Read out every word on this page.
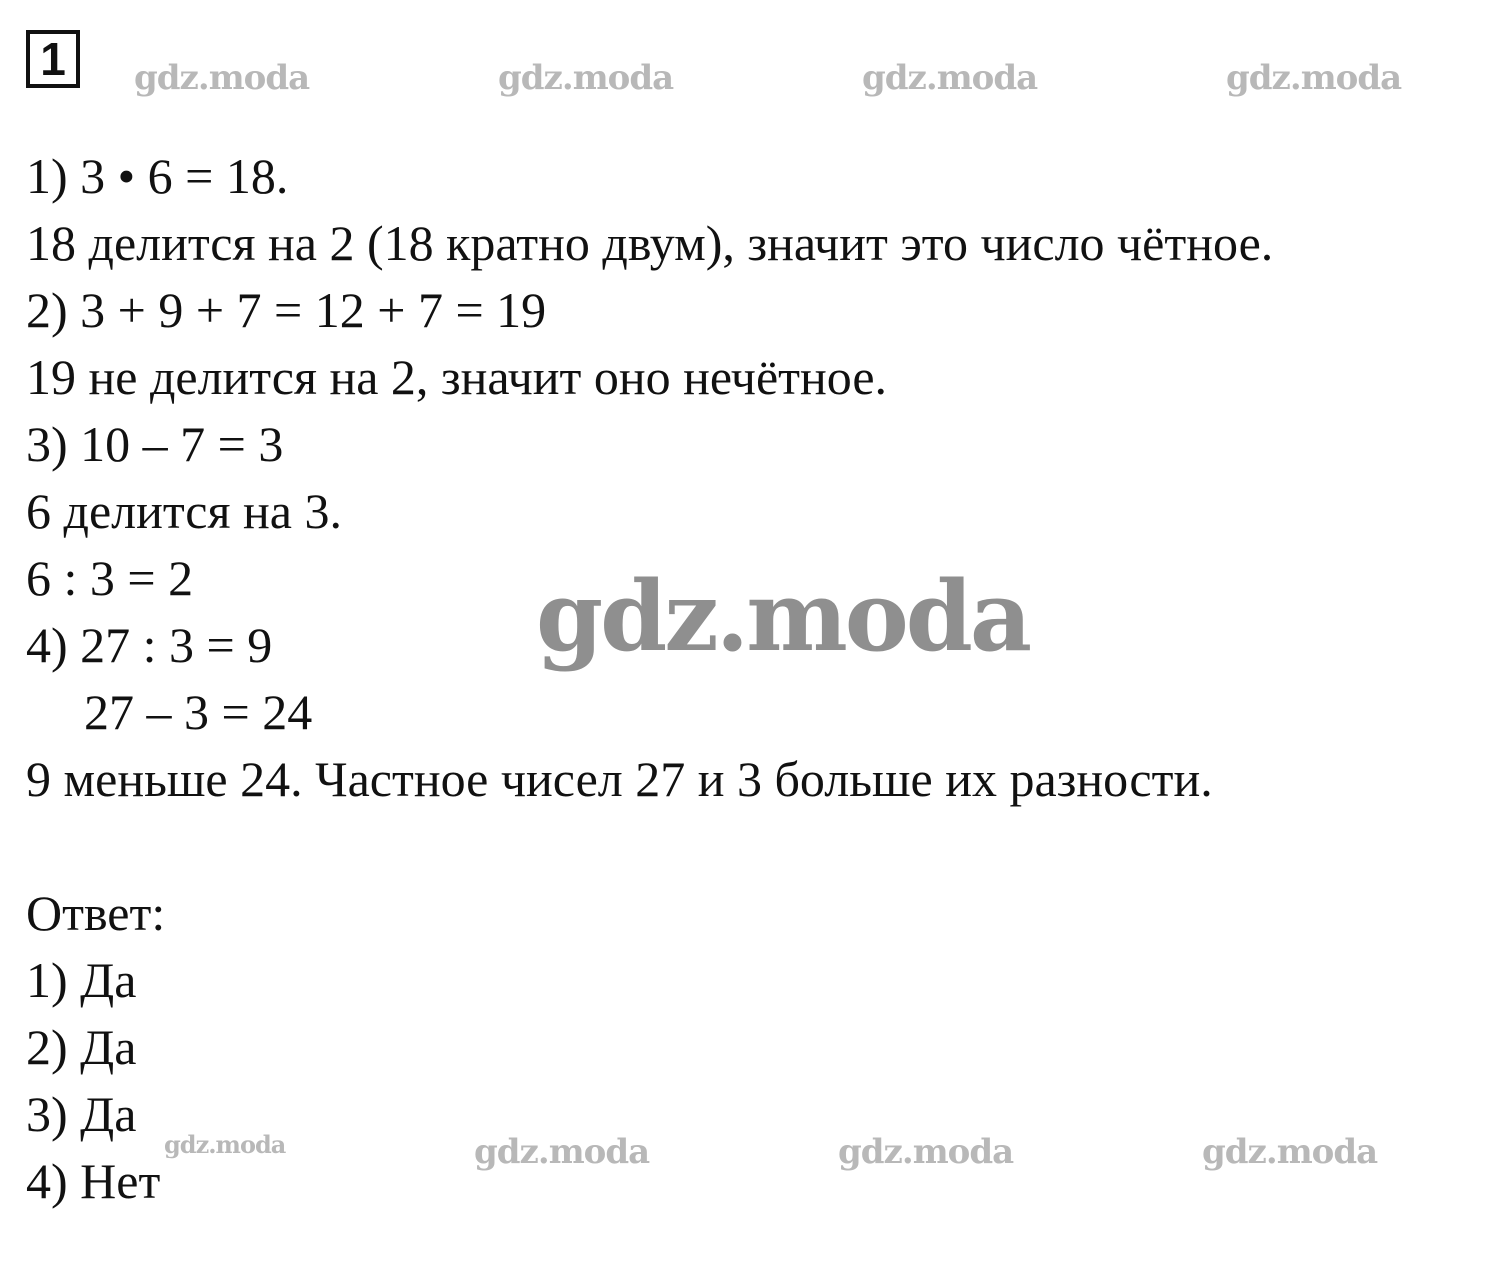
1	gdz.moda	gdz.moda	gdz.moda	gdz.moda
gdz.moda
gdz.moda	gdz.moda	gdz.moda	gdz.moda
1) 3 • 6 = 18.
18 делится на 2 (18 кратно двум), значит это число чётное.
2) 3 + 9 + 7 = 12 + 7 = 19
19 не делится на 2, значит оно нечётное.
3) 10 – 7 = 3
6 делится на 3.
6 : 3 = 2
4) 27 : 3 = 9
27 – 3 = 24
9 меньше 24. Частное чисел 27 и 3 больше их разности.
Ответ:
1) Да
2) Да
3) Да
4) Нет
